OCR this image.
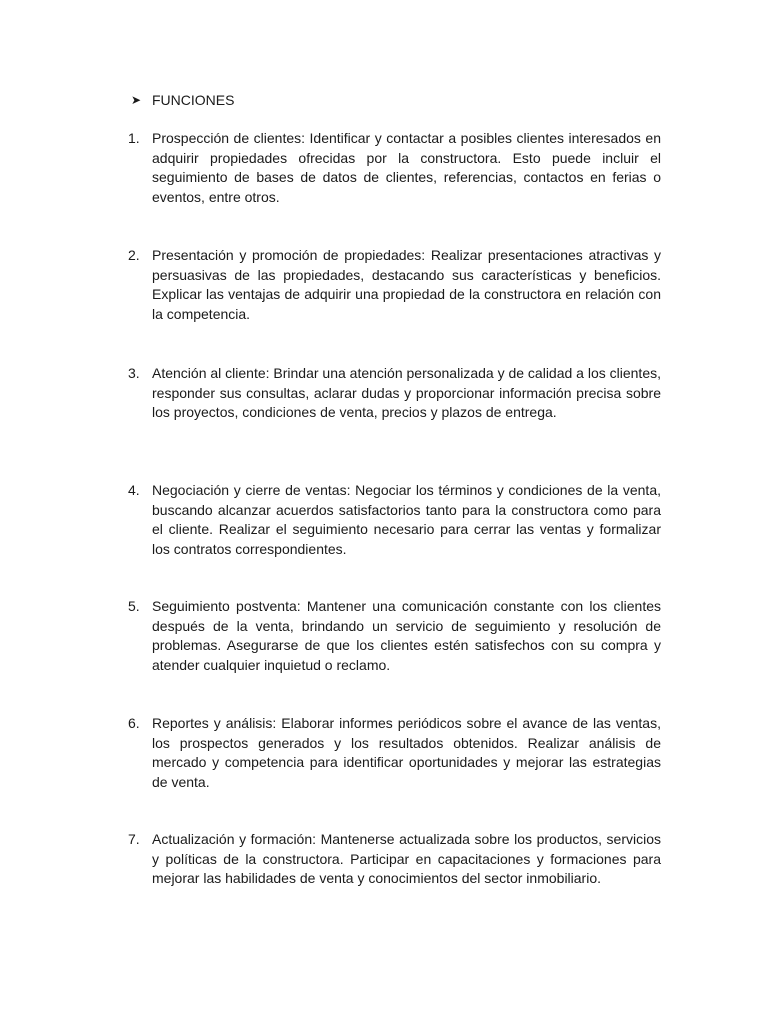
➤ FUNCIONES
1. Prospección de clientes: Identificar y contactar a posibles clientes interesados en adquirir propiedades ofrecidas por la constructora. Esto puede incluir el seguimiento de bases de datos de clientes, referencias, contactos en ferias o eventos, entre otros.
2. Presentación y promoción de propiedades: Realizar presentaciones atractivas y persuasivas de las propiedades, destacando sus características y beneficios. Explicar las ventajas de adquirir una propiedad de la constructora en relación con la competencia.
3. Atención al cliente: Brindar una atención personalizada y de calidad a los clientes, responder sus consultas, aclarar dudas y proporcionar información precisa sobre los proyectos, condiciones de venta, precios y plazos de entrega.
4. Negociación y cierre de ventas: Negociar los términos y condiciones de la venta, buscando alcanzar acuerdos satisfactorios tanto para la constructora como para el cliente. Realizar el seguimiento necesario para cerrar las ventas y formalizar los contratos correspondientes.
5. Seguimiento postventa: Mantener una comunicación constante con los clientes después de la venta, brindando un servicio de seguimiento y resolución de problemas. Asegurarse de que los clientes estén satisfechos con su compra y atender cualquier inquietud o reclamo.
6. Reportes y análisis: Elaborar informes periódicos sobre el avance de las ventas, los prospectos generados y los resultados obtenidos. Realizar análisis de mercado y competencia para identificar oportunidades y mejorar las estrategias de venta.
7. Actualización y formación: Mantenerse actualizada sobre los productos, servicios y políticas de la constructora. Participar en capacitaciones y formaciones para mejorar las habilidades de venta y conocimientos del sector inmobiliario.
